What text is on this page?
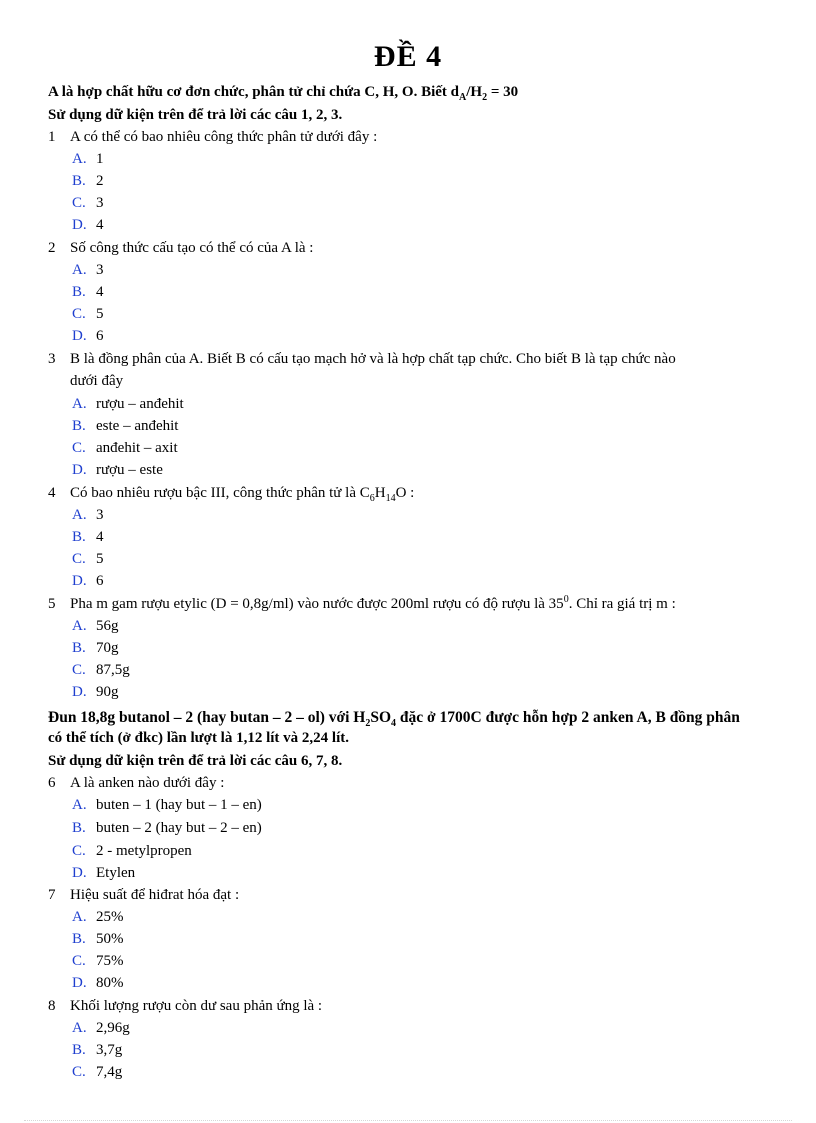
ĐỀ 4
A là hợp chất hữu cơ đơn chức, phân tử chỉ chứa C, H, O. Biết $d_A/H_2 = 30$
Sử dụng dữ kiện trên để trả lời các câu 1, 2, 3.
1 A có thể có bao nhiêu công thức phân tử dưới đây :
A. 1
B. 2
C. 3
D. 4
2 Số công thức cấu tạo có thể có của A là :
A. 3
B. 4
C. 5
D. 6
3 B là đồng phân của A. Biết B có cấu tạo mạch hở và là hợp chất tạp chức. Cho biết B là tạp chức nào
dưới đây
A. rượu – anđehit
B. este – anđehit
C. anđehit – axit
D. rượu – este
4 Có bao nhiêu rượu bậc III, công thức phân tử là $C_6H_{14}O$ :
A. 3
B. 4
C. 5
D. 6
5 Pha m gam rượu etylic (D = 0,8g/ml) vào nước được 200ml rượu có độ rượu là $35^0$. Chỉ ra giá trị m :
A. 56g
B. 70g
C. 87,5g
D. 90g
Đun 18,8g butanol – 2 (hay butan – 2 – ol) với $H_2SO_4$ đặc ở 1700C được hỗn hợp 2 anken A, B đồng phân
có thể tích (ở đkc) lần lượt là 1,12 lít và 2,24 lít.
Sử dụng dữ kiện trên để trả lời các câu 6, 7, 8.
6 A là anken nào dưới đây :
A. buten – 1 (hay but – 1 – en)
B. buten – 2 (hay but – 2 – en)
C. 2 - metylpropen
D. Etylen
7 Hiệu suất để hiđrat hóa đạt :
A. 25%
B. 50%
C. 75%
D. 80%
8 Khối lượng rượu còn dư sau phản ứng là :
A. 2,96g
B. 3,7g
C. 7,4g
